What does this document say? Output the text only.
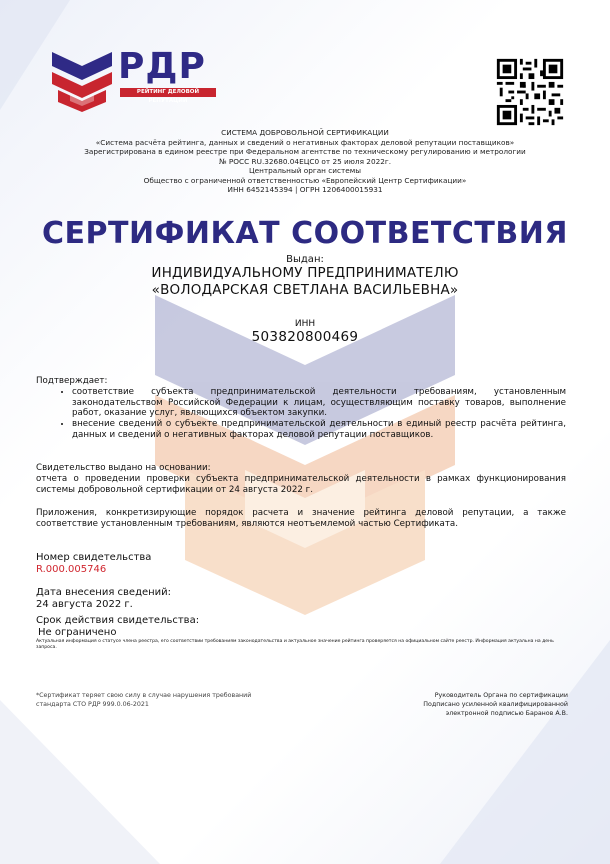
РДР
РЕЙТИНГ ДЕЛОВОЙ РЕПУТАЦИИ
СИСТЕМА ДОБРОВОЛЬНОЙ СЕРТИФИКАЦИИ
«Система расчёта рейтинга, данных и сведений о негативных факторах деловой репутации поставщиков»
Зарегистрирована в едином реестре при Федеральном агентстве по техническому регулированию и метрологии
№ РОСС RU.32680.04ЕЦС0 от 25 июля 2022г.
Центральный орган системы
Общество с ограниченной ответственностью «Европейский Центр Сертификации»
ИНН 6452145394 | ОГРН 1206400015931
СЕРТИФИКАТ СООТВЕТСТВИЯ
Выдан:
ИНДИВИДУАЛЬНОМУ ПРЕДПРИНИМАТЕЛЮ
«ВОЛОДАРСКАЯ СВЕТЛАНА ВАСИЛЬЕВНА»
ИНН
503820800469
Подтверждает:
• соответствие субъекта предпринимательской деятельности требованиям, установленным законодательством Российской Федерации к лицам, осуществляющим поставку товаров, выполнение работ, оказание услуг, являющихся объектом закупки.
• внесение сведений о субъекте предпринимательской деятельности в единый реестр расчёта рейтинга, данных и сведений о негативных факторах деловой репутации поставщиков.
Свидетельство выдано на основании:
отчета о проведении проверки субъекта предпринимательской деятельности в рамках функционирования системы добровольной сертификации от 24 августа 2022 г.
Приложения, конкретизирующие порядок расчета и значение рейтинга деловой репутации, а также соответствие установленным требованиям, являются неотъемлемой частью Сертификата.
Номер свидетельства
R.000.005746
Дата внесения сведений:
24 августа 2022 г.
Срок действия свидетельства:
Не ограничено
Актуальная информация о статусе члена реестра, его соответствии требованиям законодательства и актуальное значение рейтинга проверяется на официальном сайте реестр. Информация актуальна на день запроса.
*Сертификат теряет свою силу в случае нарушения требований
стандарта СТО РДР 999.0.06-2021
Руководитель Органа по сертификации
Подписано усиленной квалифицированной
электронной подписью Баранов А.В.
